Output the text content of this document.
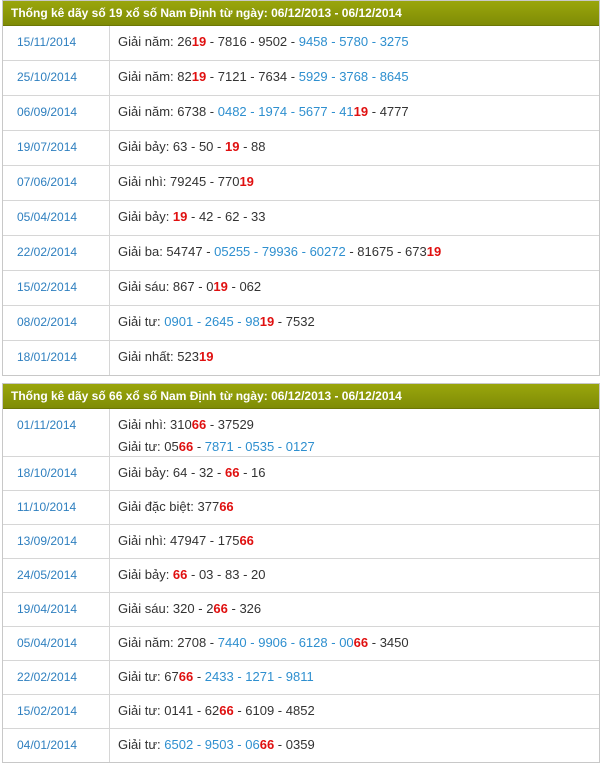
Thống kê dãy số 19 xổ số Nam Định từ ngày: 06/12/2013 - 06/12/2014
15/11/2014	Giải năm: 2619 - 7816 - 9502 - 9458 - 5780 - 3275
25/10/2014	Giải năm: 8219 - 7121 - 7634 - 5929 - 3768 - 8645
06/09/2014	Giải năm: 6738 - 0482 - 1974 - 5677 - 4119 - 4777
19/07/2014	Giải bảy: 63 - 50 - 19 - 88
07/06/2014	Giải nhì: 79245 - 77019
05/04/2014	Giải bảy: 19 - 42 - 62 - 33
22/02/2014	Giải ba: 54747 - 05255 - 79936 - 60272 - 81675 - 67319
15/02/2014	Giải sáu: 867 - 019 - 062
08/02/2014	Giải tư: 0901 - 2645 - 9819 - 7532
18/01/2014	Giải nhất: 52319
Thống kê dãy số 66 xổ số Nam Định từ ngày: 06/12/2013 - 06/12/2014
01/11/2014	Giải nhì: 31066 - 37529
Giải tư: 0566 - 7871 - 0535 - 0127
18/10/2014	Giải bảy: 64 - 32 - 66 - 16
11/10/2014	Giải đặc biệt: 37766
13/09/2014	Giải nhì: 47947 - 17566
24/05/2014	Giải bảy: 66 - 03 - 83 - 20
19/04/2014	Giải sáu: 320 - 266 - 326
05/04/2014	Giải năm: 2708 - 7440 - 9906 - 6128 - 0066 - 3450
22/02/2014	Giải tư: 6766 - 2433 - 1271 - 9811
15/02/2014	Giải tư: 0141 - 6266 - 6109 - 4852
04/01/2014	Giải tư: 6502 - 9503 - 0666 - 0359
